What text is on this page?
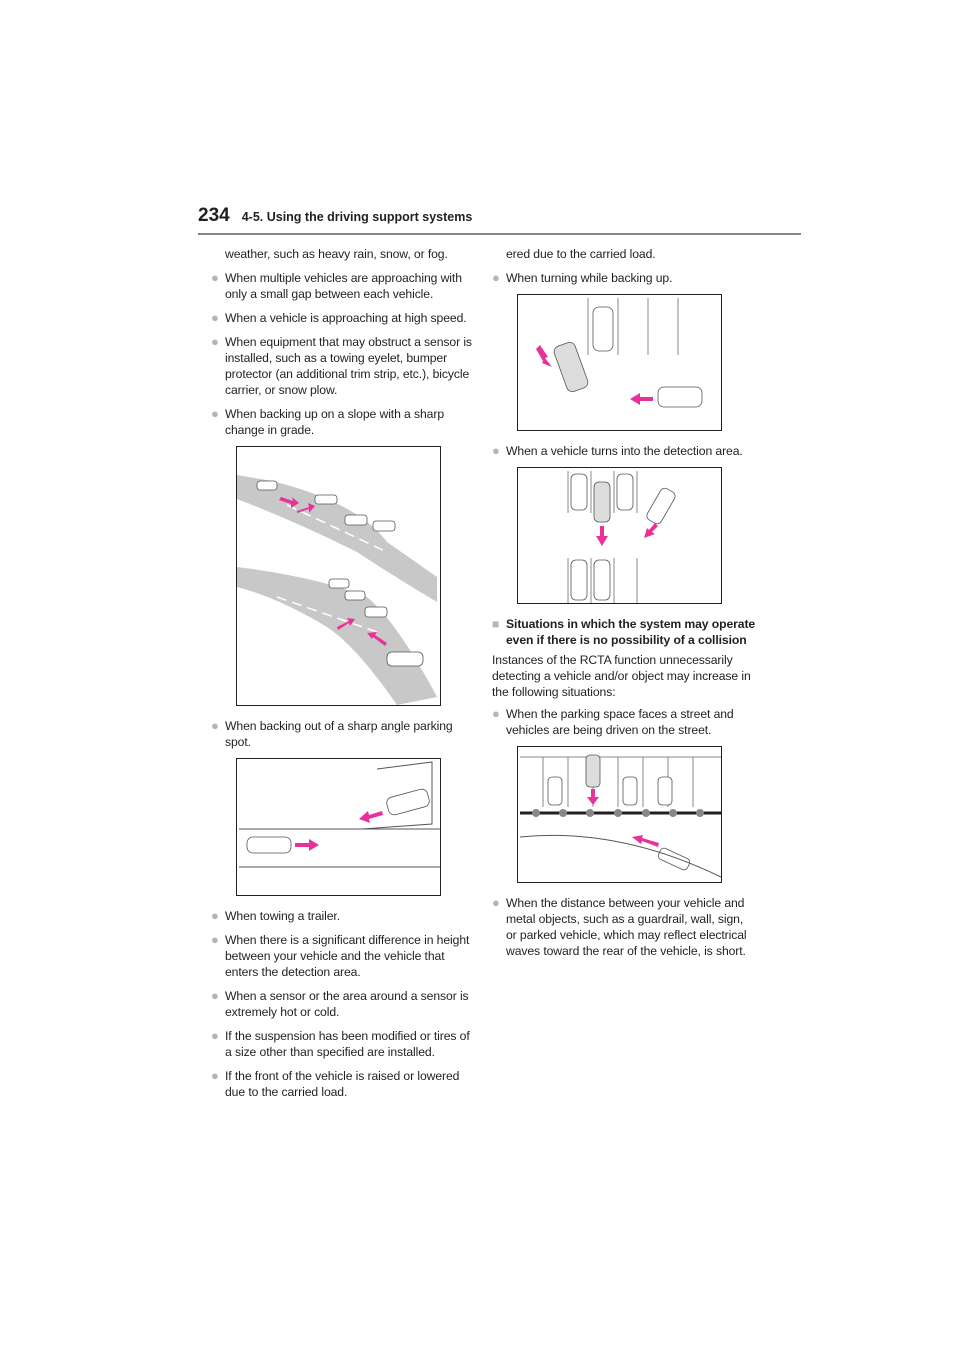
234 4-5. Using the driving support systems

weather, such as heavy rain, snow, or fog.

● When multiple vehicles are approaching with only a small gap between each vehicle.
● When a vehicle is approaching at high speed.
● When equipment that may obstruct a sensor is installed, such as a towing eyelet, bumper protector (an additional trim strip, etc.), bicycle carrier, or snow plow.
● When backing up on a slope with a sharp change in grade.
● When backing out of a sharp angle parking spot.
● When towing a trailer.
● When there is a significant difference in height between your vehicle and the vehicle that enters the detection area.
● When a sensor or the area around a sensor is extremely hot or cold.
● If the suspension has been modified or tires of a size other than specified are installed.
● If the front of the vehicle is raised or lowered due to the carried load.

ered due to the carried load.

● When turning while backing up.
● When a vehicle turns into the detection area.
■ Situations in which the system may operate even if there is no possibility of a collision

Instances of the RCTA function unnecessarily detecting a vehicle and/or object may increase in the following situations:

● When the parking space faces a street and vehicles are being driven on the street.
● When the distance between your vehicle and metal objects, such as a guardrail, wall, sign, or parked vehicle, which may reflect electrical waves toward the rear of the vehicle, is short.
